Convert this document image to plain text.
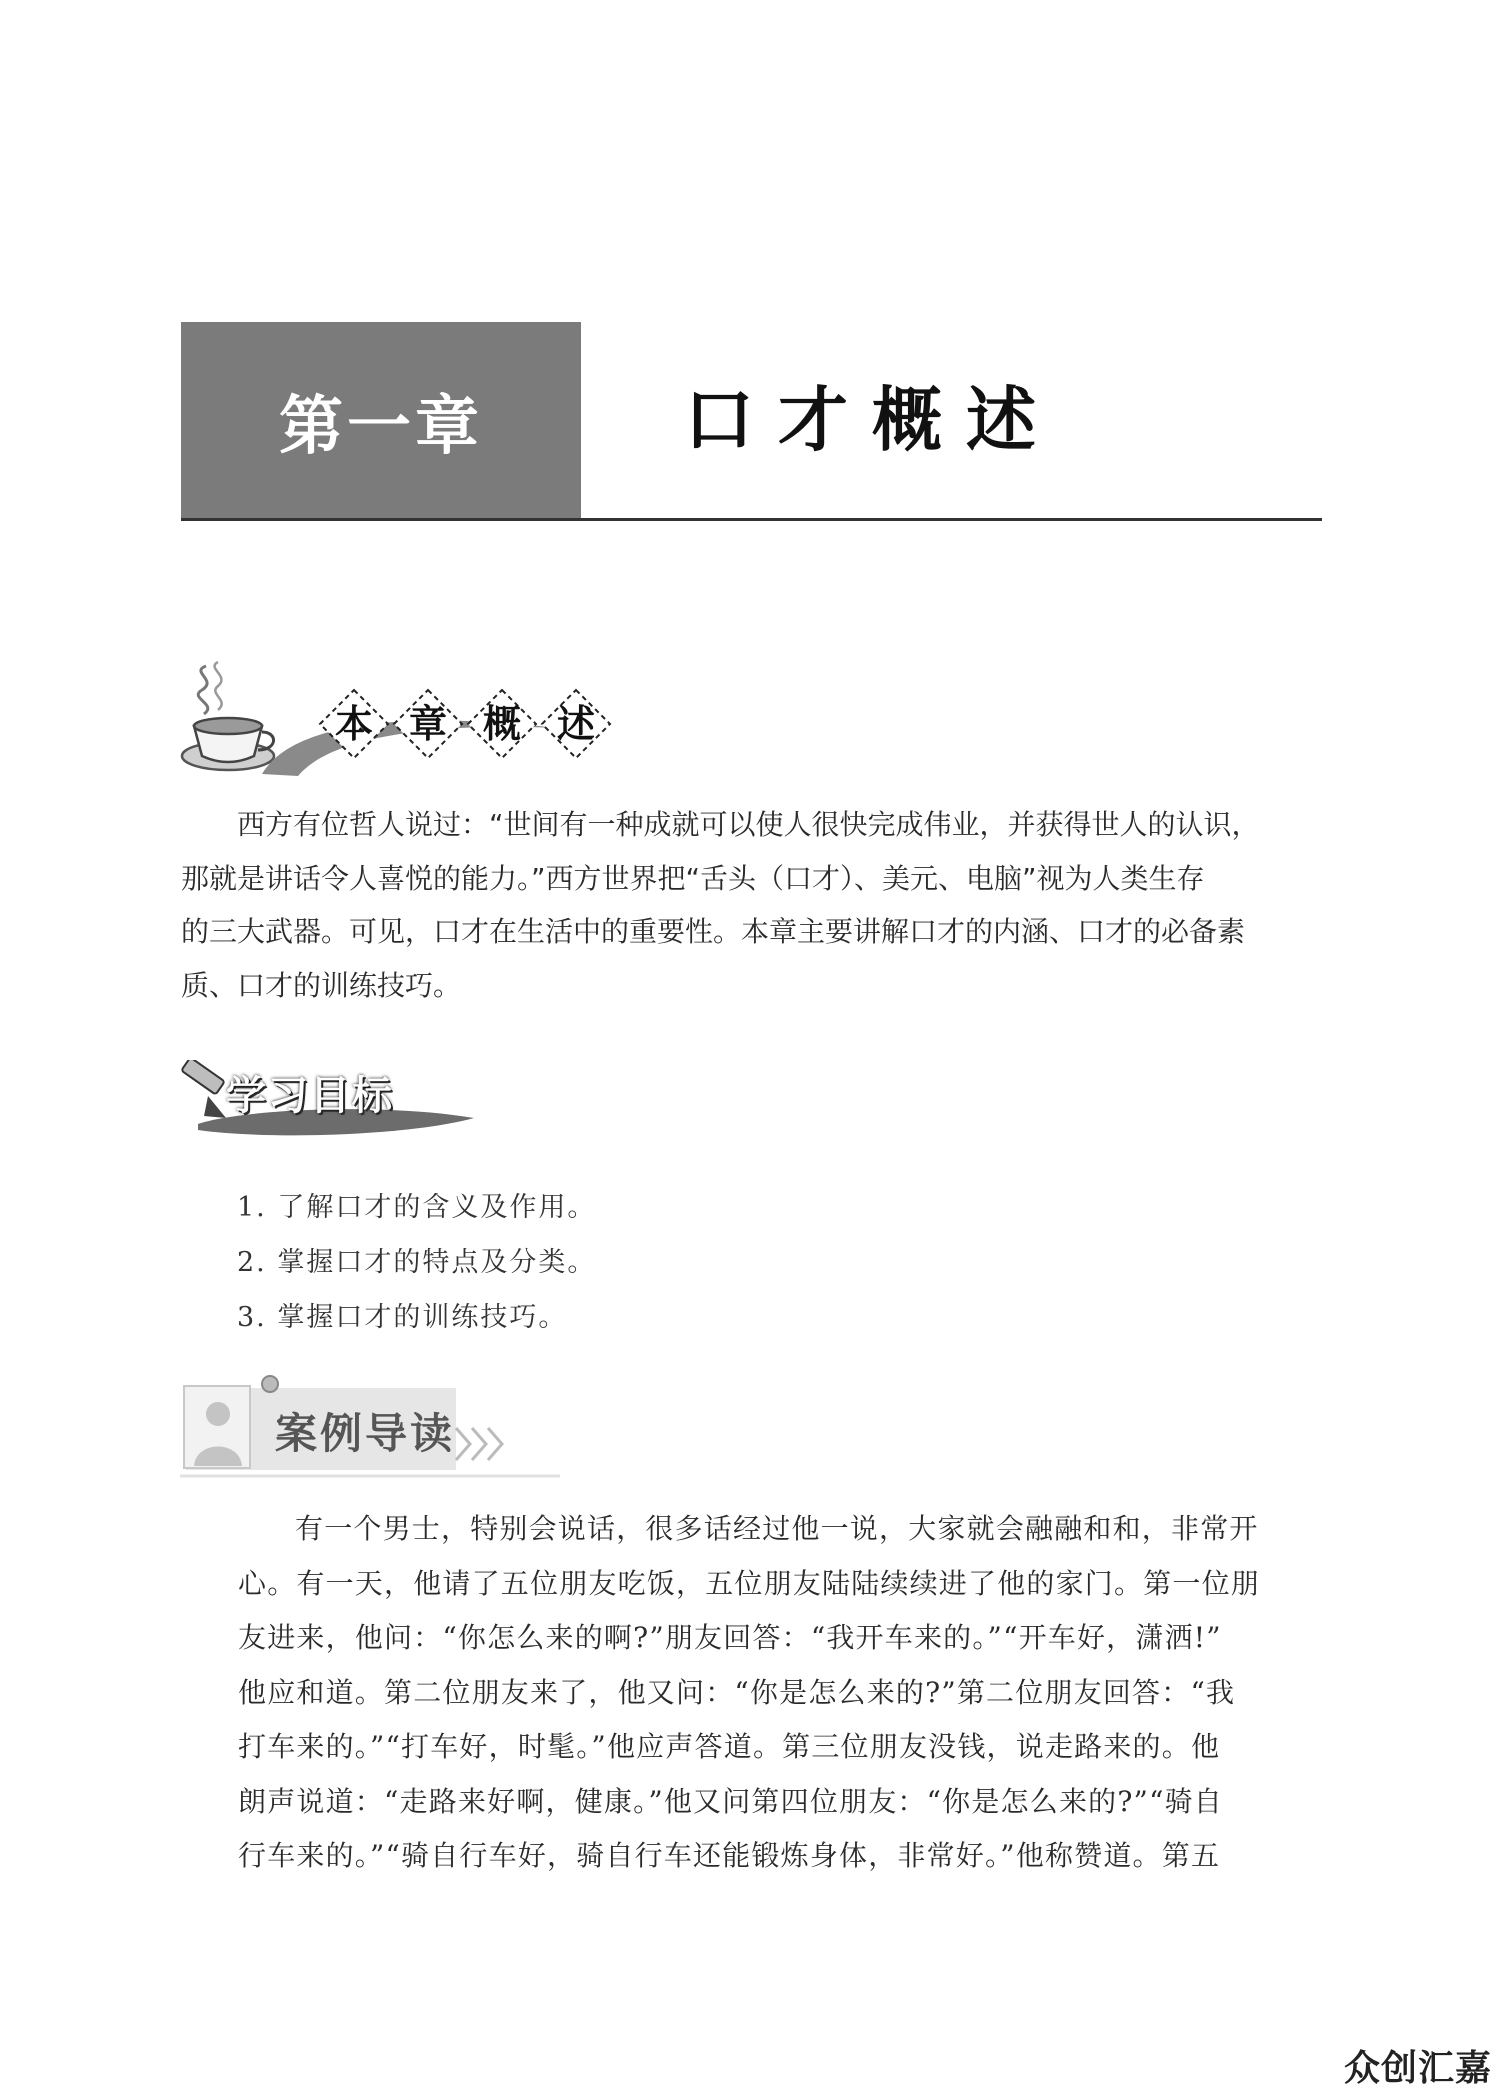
第一章	口才概述
本 章 概 述
西方有位哲人说过：“世间有一种成就可以使人很快完成伟业，并获得世人的认识，
那就是讲话令人喜悦的能力。”西方世界把“舌头（口才）、美元、电脑”视为人类生存
的三大武器。可见，口才在生活中的重要性。本章主要讲解口才的内涵、口才的必备素
质、口才的训练技巧。
学习目标
1. 了解口才的含义及作用。
2. 掌握口才的特点及分类。
3. 掌握口才的训练技巧。
案例导读
有一个男士，特别会说话，很多话经过他一说，大家就会融融和和，非常开
心。有一天，他请了五位朋友吃饭，五位朋友陆陆续续进了他的家门。第一位朋
友进来，他问：“你怎么来的啊?”朋友回答：“我开车来的。”“开车好，潇洒!”
他应和道。第二位朋友来了，他又问：“你是怎么来的?”第二位朋友回答：“我
打车来的。”“打车好，时髦。”他应声答道。第三位朋友没钱，说走路来的。他
朗声说道：“走路来好啊，健康。”他又问第四位朋友：“你是怎么来的?”“骑自
行车来的。”“骑自行车好，骑自行车还能锻炼身体，非常好。”他称赞道。第五
众创汇嘉
